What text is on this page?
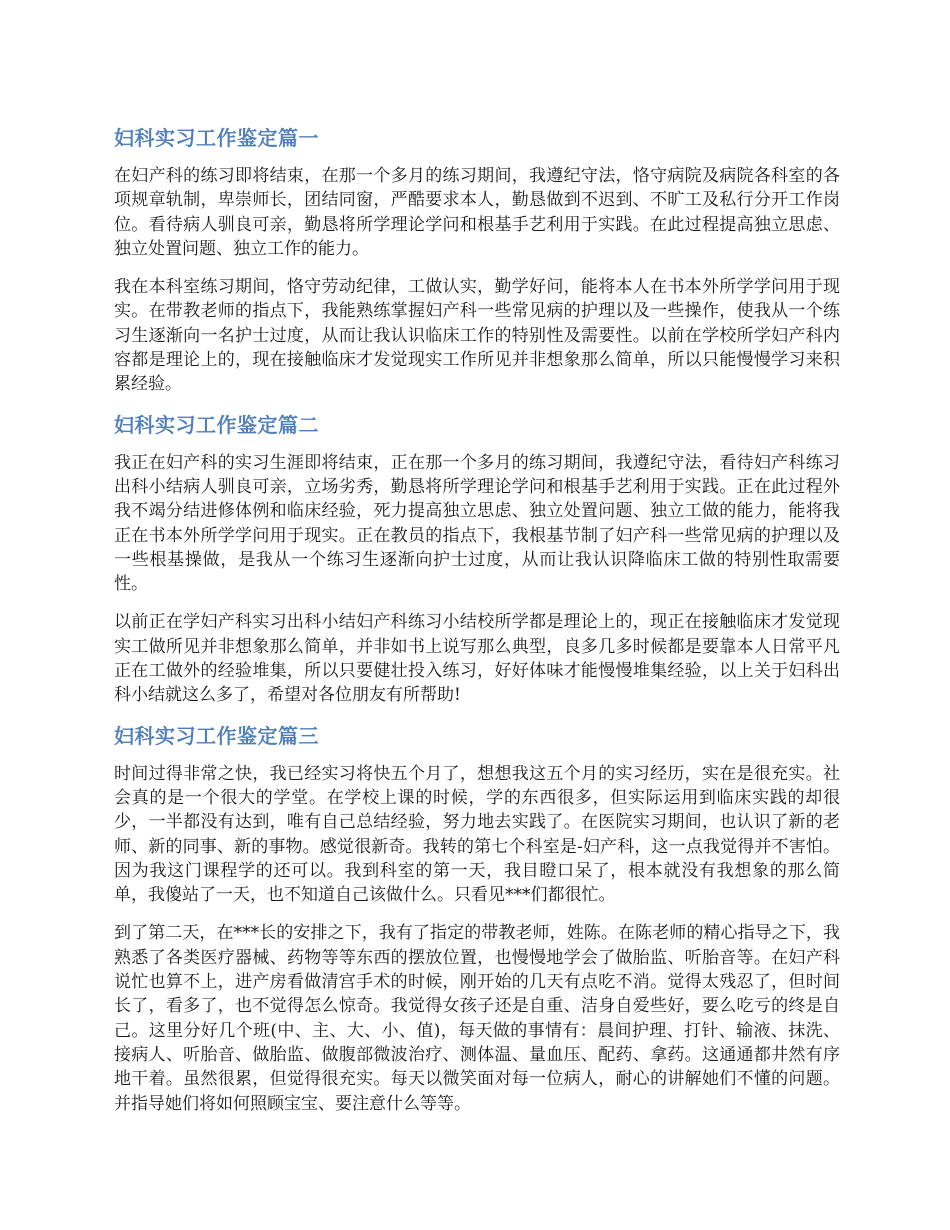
妇科实习工作鉴定篇一

在妇产科的练习即将结束，在那一个多月的练习期间，我遵纪守法，恪守病院及病院各科室的各项规章轨制，卑崇师长，团结同窗，严酷要求本人，勤恳做到不迟到、不旷工及私行分开工作岗位。看待病人驯良可亲，勤恳将所学理论学问和根基手艺利用于实践。在此过程提高独立思虑、独立处置问题、独立工作的能力。

我在本科室练习期间，恪守劳动纪律，工做认实，勤学好问，能将本人在书本外所学学问用于现实。在带教老师的指点下，我能熟练掌握妇产科一些常见病的护理以及一些操作，使我从一个练习生逐渐向一名护士过度，从而让我认识临床工作的特别性及需要性。以前在学校所学妇产科内容都是理论上的，现在接触临床才发觉现实工作所见并非想象那么简单，所以只能慢慢学习来积累经验。

妇科实习工作鉴定篇二

我正在妇产科的实习生涯即将结束，正在那一个多月的练习期间，我遵纪守法，看待妇产科练习出科小结病人驯良可亲，立场劣秀，勤恳将所学理论学问和根基手艺利用于实践。正在此过程外我不竭分结进修体例和临床经验，死力提高独立思虑、独立处置问题、独立工做的能力，能将我正在书本外所学学问用于现实。正在教员的指点下，我根基节制了妇产科一些常见病的护理以及一些根基操做，是我从一个练习生逐渐向护士过度，从而让我认识降临床工做的特别性取需要性。

以前正在学妇产科实习出科小结妇产科练习小结校所学都是理论上的，现正在接触临床才发觉现实工做所见并非想象那么简单，并非如书上说写那么典型，良多几多时候都是要靠本人日常平凡正在工做外的经验堆集，所以只要健壮投入练习，好好体味才能慢慢堆集经验，以上关于妇科出科小结就这么多了，希望对各位朋友有所帮助!

妇科实习工作鉴定篇三

时间过得非常之快，我已经实习将快五个月了，想想我这五个月的实习经历，实在是很充实。社会真的是一个很大的学堂。在学校上课的时候，学的东西很多，但实际运用到临床实践的却很少，一半都没有达到，唯有自己总结经验，努力地去实践了。在医院实习期间，也认识了新的老师、新的同事、新的事物。感觉很新奇。我转的第七个科室是-妇产科，这一点我觉得并不害怕。因为我这门课程学的还可以。我到科室的第一天，我目瞪口呆了，根本就没有我想象的那么简单，我傻站了一天，也不知道自己该做什么。只看见***们都很忙。

到了第二天，在***长的安排之下，我有了指定的带教老师，姓陈。在陈老师的精心指导之下，我熟悉了各类医疗器械、药物等等东西的摆放位置，也慢慢地学会了做胎监、听胎音等。在妇产科说忙也算不上，进产房看做清宫手术的时候，刚开始的几天有点吃不消。觉得太残忍了，但时间长了，看多了，也不觉得怎么惊奇。我觉得女孩子还是自重、洁身自爱些好，要么吃亏的终是自己。这里分好几个班(中、主、大、小、值)，每天做的事情有：晨间护理、打针、输液、抹洗、接病人、听胎音、做胎监、做腹部微波治疗、测体温、量血压、配药、拿药。这通通都井然有序地干着。虽然很累，但觉得很充实。每天以微笑面对每一位病人，耐心的讲解她们不懂的问题。并指导她们将如何照顾宝宝、要注意什么等等。
